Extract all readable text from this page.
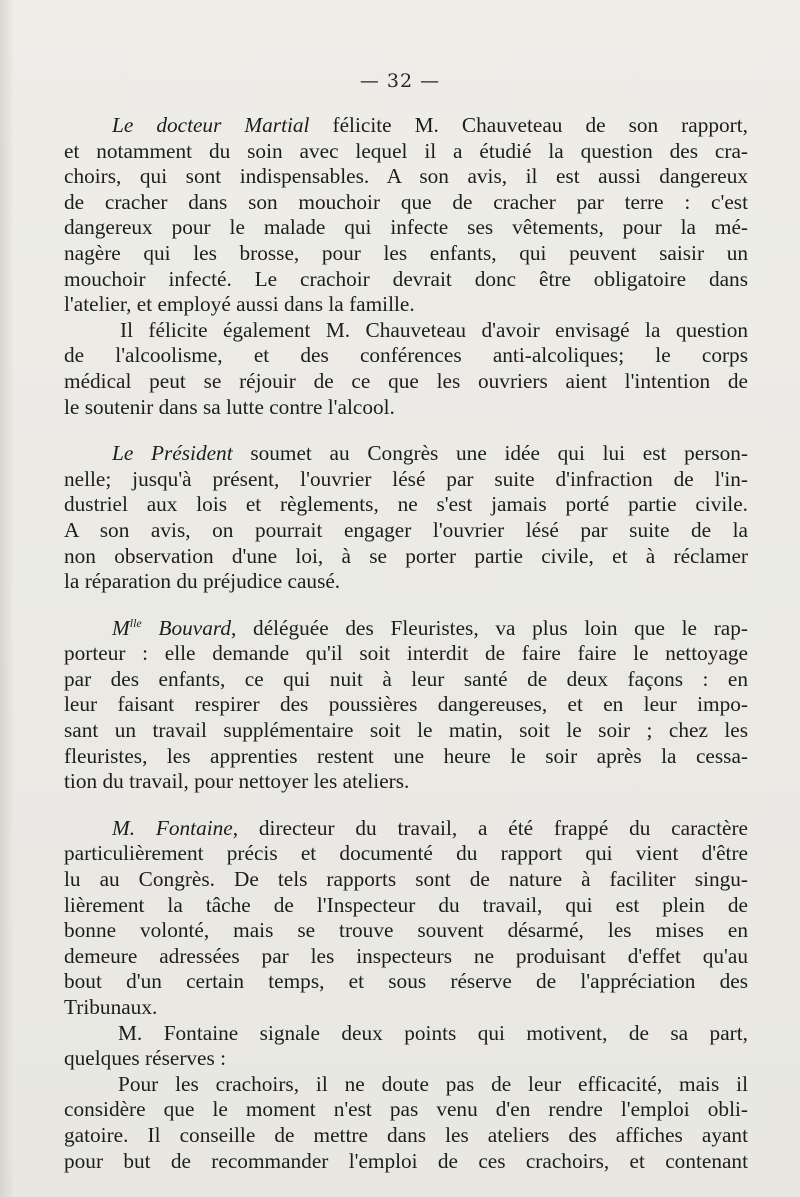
— 32 —
Le docteur Martial félicite M. Chauveteau de son rapport,
et notamment du soin avec lequel il a étudié la question des cra-
choirs, qui sont indispensables. A son avis, il est aussi dangereux
de cracher dans son mouchoir que de cracher par terre : c'est
dangereux pour le malade qui infecte ses vêtements, pour la mé-
nagère qui les brosse, pour les enfants, qui peuvent saisir un
mouchoir infecté. Le crachoir devrait donc être obligatoire dans
l'atelier, et employé aussi dans la famille.
Il félicite également M. Chauveteau d'avoir envisagé la question
de l'alcoolisme, et des conférences anti-alcoliques; le corps
médical peut se réjouir de ce que les ouvriers aient l'intention de
le soutenir dans sa lutte contre l'alcool.
Le Président soumet au Congrès une idée qui lui est person-
nelle; jusqu'à présent, l'ouvrier lésé par suite d'infraction de l'in-
dustriel aux lois et règlements, ne s'est jamais porté partie civile.
A son avis, on pourrait engager l'ouvrier lésé par suite de la
non observation d'une loi, à se porter partie civile, et à réclamer
la réparation du préjudice causé.
$M^{lle}$ Bouvard, déléguée des Fleuristes, va plus loin que le rap-
porteur : elle demande qu'il soit interdit de faire faire le nettoyage
par des enfants, ce qui nuit à leur santé de deux façons : en
leur faisant respirer des poussières dangereuses, et en leur impo-
sant un travail supplémentaire soit le matin, soit le soir ; chez les
fleuristes, les apprenties restent une heure le soir après la cessa-
tion du travail, pour nettoyer les ateliers.
M. Fontaine, directeur du travail, a été frappé du caractère
particulièrement précis et documenté du rapport qui vient d'être
lu au Congrès. De tels rapports sont de nature à faciliter singu-
lièrement la tâche de l'Inspecteur du travail, qui est plein de
bonne volonté, mais se trouve souvent désarmé, les mises en
demeure adressées par les inspecteurs ne produisant d'effet qu'au
bout d'un certain temps, et sous réserve de l'appréciation des
Tribunaux.
M. Fontaine signale deux points qui motivent, de sa part,
quelques réserves :
Pour les crachoirs, il ne doute pas de leur efficacité, mais il
considère que le moment n'est pas venu d'en rendre l'emploi obli-
gatoire. Il conseille de mettre dans les ateliers des affiches ayant
pour but de recommander l'emploi de ces crachoirs, et contenant
